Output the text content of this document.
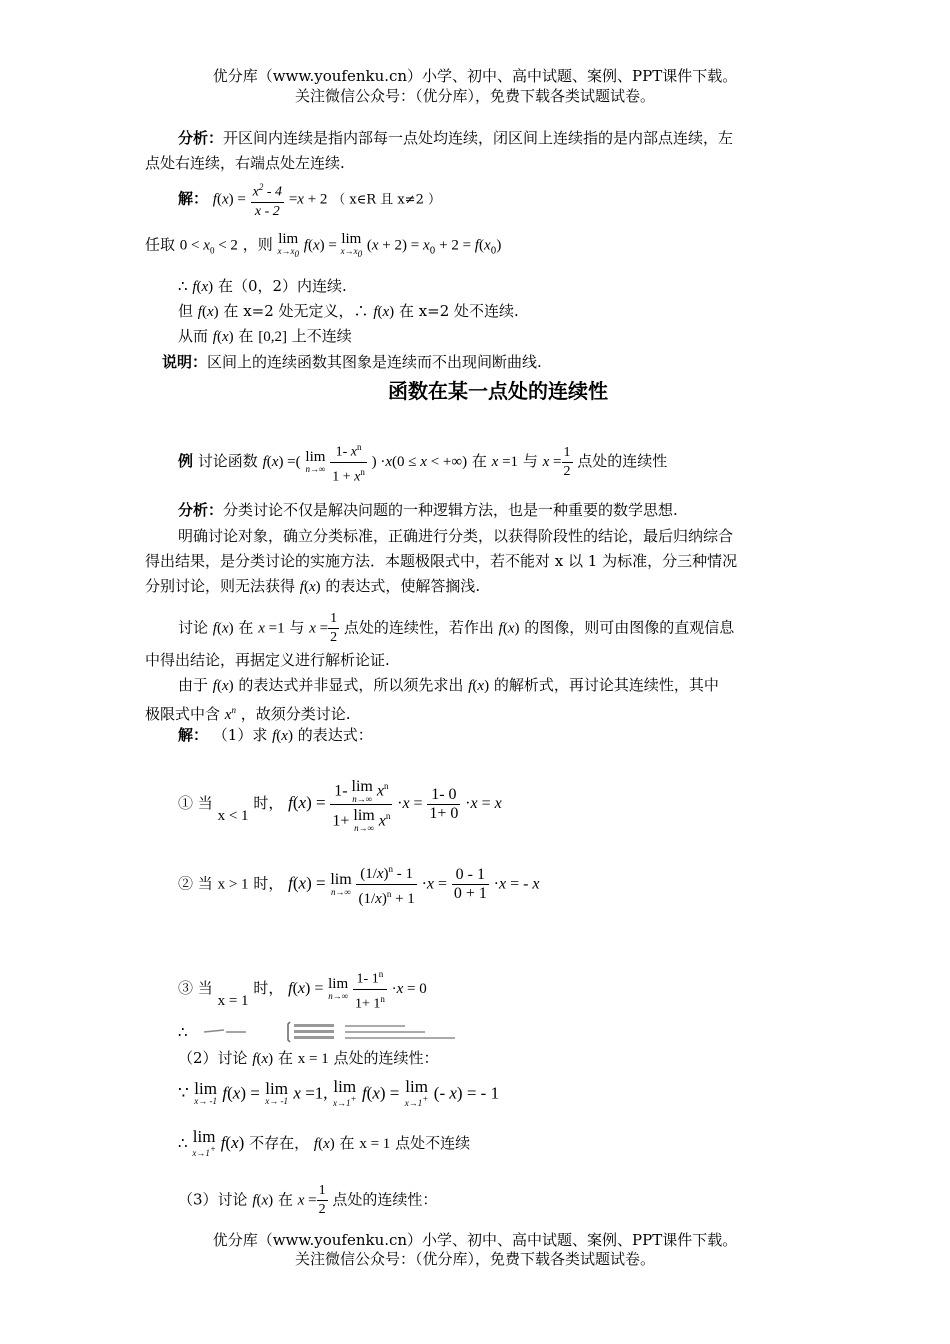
优分库（www.youfenku.cn）小学、初中、高中试题、案例、PPT课件下载。
关注微信公众号：（优分库），免费下载各类试题试卷。
分析：开区间内连续是指内部每一点处均连续，闭区间上连续指的是内部点连续，左
点处右连续，右端点处左连续.
解： $f(x) = \frac{x^2 - 4}{x - 2} =x + 2$ （ x∈R 且 x≠2 ）
任取 $0 < x_0 < 2$ ，则 lim
$x\to x_0$
f(x) = lim
$x\to x_0$
$(x + 2) = x_0 + 2 = f(x_0)$
∴ f(x) 在（0，2）内连续.
但 f(x) 在 x=2 处无定义，∴ f(x) 在 x=2 处不连续.
从而 f(x) 在 [0,2] 上不连续
说明：区间上的连续函数其图象是连续而不出现间断曲线.
函数在某一点处的连续性
例 讨论函数 f(x) =( lim
n→∞
$\frac{1- x^n}{1 + x^n}$ ) ·x(0 ≤ x < +∞) 在 x =1 与 $x = \frac{1}{2}$ 点处的连续性
分析：分类讨论不仅是解决问题的一种逻辑方法，也是一种重要的数学思想.
明确讨论对象，确立分类标准，正确进行分类，以获得阶段性的结论，最后归纳综合
得出结果，是分类讨论的实施方法．本题极限式中，若不能对 x 以 1 为标准，分三种情况
分别讨论，则无法获得 f(x) 的表达式，使解答搁浅.
讨论 f(x) 在 x =1 与 $x = \frac{1}{2}$ 点处的连续性，若作出 f(x) 的图像，则可由图像的直观信息
中得出结论，再据定义进行解析论证.
由于 f(x) 的表达式并非显式，所以须先求出 f(x) 的解析式，再讨论其连续性，其中
极限式中含 $x^n$ ，故须分类讨论.
解： （1）求 f(x) 的表达式：
① 当 x < 1 时， f(x) = 1- lim
n→∞ $x^n$
1+ lim
n→∞ $x^n \cdot x = \frac{1- 0}{1+ 0} \cdot x = x$
② 当 x > 1 时， f(x) = lim
n→∞
$\frac{(1/x)^n - 1}{(1/x)^n + 1} \cdot x = \frac{0 - 1}{0 + 1} \cdot x$ = - x
③ 当 x = 1 时， f(x) = lim
n→∞
$\frac{1- 1^n}{1+ 1^n} \cdot x = 0$
∴
（2）讨论 f(x) 在 x = 1 点处的连续性：
∵ lim
x→ -1 f(x) = lim
x→ -1 x =1, lim
x→1+ f(x) = lim
x→1+ (- x) = - 1
∴ lim
x→1+ f(x) 不存在， f(x) 在 x = 1 点处不连续
（3）讨论 f(x) 在 $x = \frac{1}{2}$ 点处的连续性：
优分库（www.youfenku.cn）小学、初中、高中试题、案例、PPT课件下载。
关注微信公众号：（优分库），免费下载各类试题试卷。
